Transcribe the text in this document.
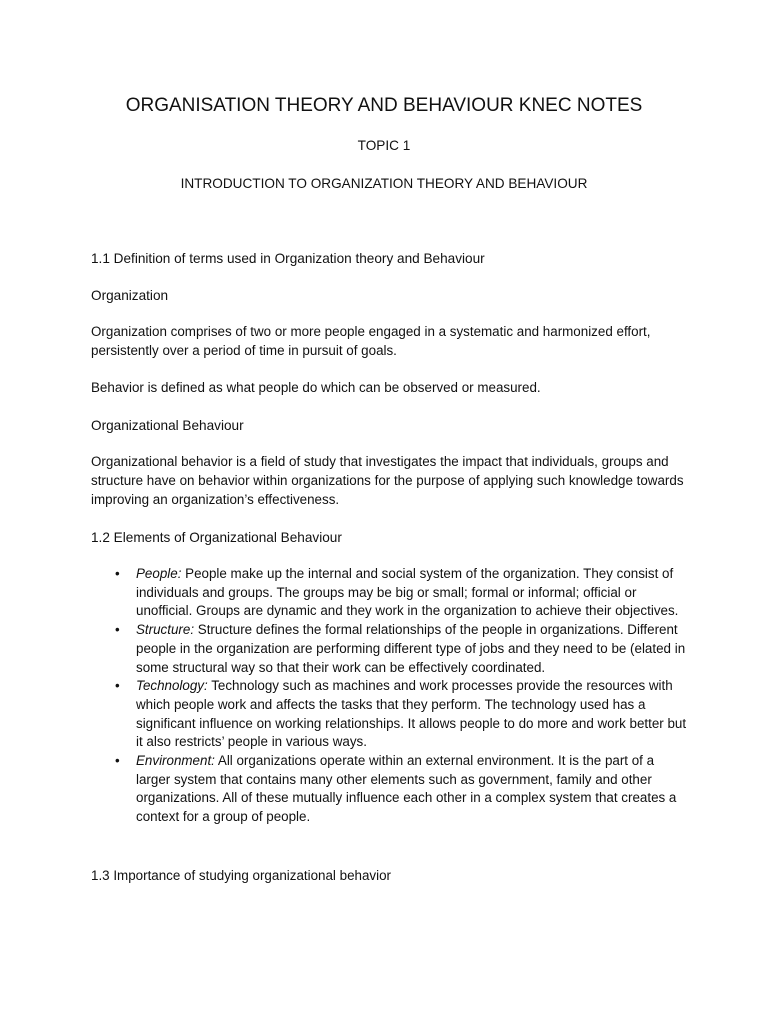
ORGANISATION THEORY AND BEHAVIOUR KNEC NOTES
TOPIC 1
INTRODUCTION TO ORGANIZATION THEORY AND BEHAVIOUR
1.1 Definition of terms used in Organization theory and Behaviour
Organization

Organization comprises of two or more people engaged in a systematic and harmonized effort, persistently over a period of time in pursuit of goals.

Behavior is defined as what people do which can be observed or measured.

Organizational Behaviour

Organizational behavior is a field of study that investigates the impact that individuals, groups and structure have on behavior within organizations for the purpose of applying such knowledge towards improving an organization’s effectiveness.

1.2 Elements of Organizational Behaviour
• People: People make up the internal and social system of the organization. They consist of individuals and groups. The groups may be big or small; formal or informal; official or unofficial. Groups are dynamic and they work in the organization to achieve their objectives.
• Structure: Structure defines the formal relationships of the people in organizations. Different people in the organization are performing different type of jobs and they need to be (elated in some structural way so that their work can be effectively coordinated.
• Technology: Technology such as machines and work processes provide the resources with which people work and affects the tasks that they perform. The technology used has a significant influence on working relationships. It allows people to do more and work better but it also restricts’ people in various ways.
• Environment: All organizations operate within an external environment. It is the part of a larger system that contains many other elements such as government, family and other organizations. All of these mutually influence each other in a complex system that creates a context for a group of people.
1.3 Importance of studying organizational behavior
